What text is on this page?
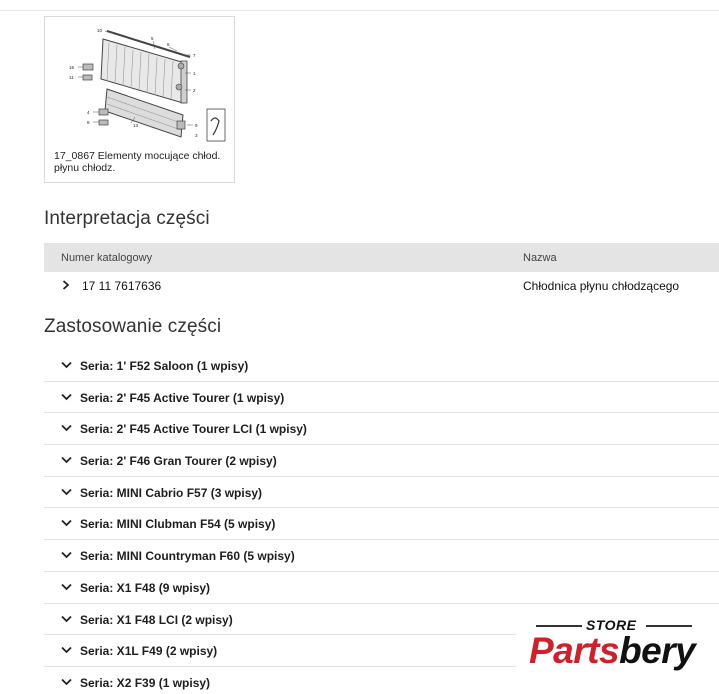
10
5
6
7
1
2
15
11
4
8
13	9
3
17_0867 Elementy mocujące chłod. płynu chłodz.
Interpretacja części
Numer katalogowy	Nazwa
17 11 7617636	Chłodnica płynu chłodzącego
Zastosowanie części
Seria: 1' F52 Saloon (1 wpisy)
Seria: 2' F45 Active Tourer (1 wpisy)
Seria: 2' F45 Active Tourer LCI (1 wpisy)
Seria: 2' F46 Gran Tourer (2 wpisy)
Seria: MINI Cabrio F57 (3 wpisy)
Seria: MINI Clubman F54 (5 wpisy)
Seria: MINI Countryman F60 (5 wpisy)
Seria: X1 F48 (9 wpisy)
Seria: X1 F48 LCI (2 wpisy)
Seria: X1L F49 (2 wpisy)
Seria: X2 F39 (1 wpisy)
STORE
Partsbery
